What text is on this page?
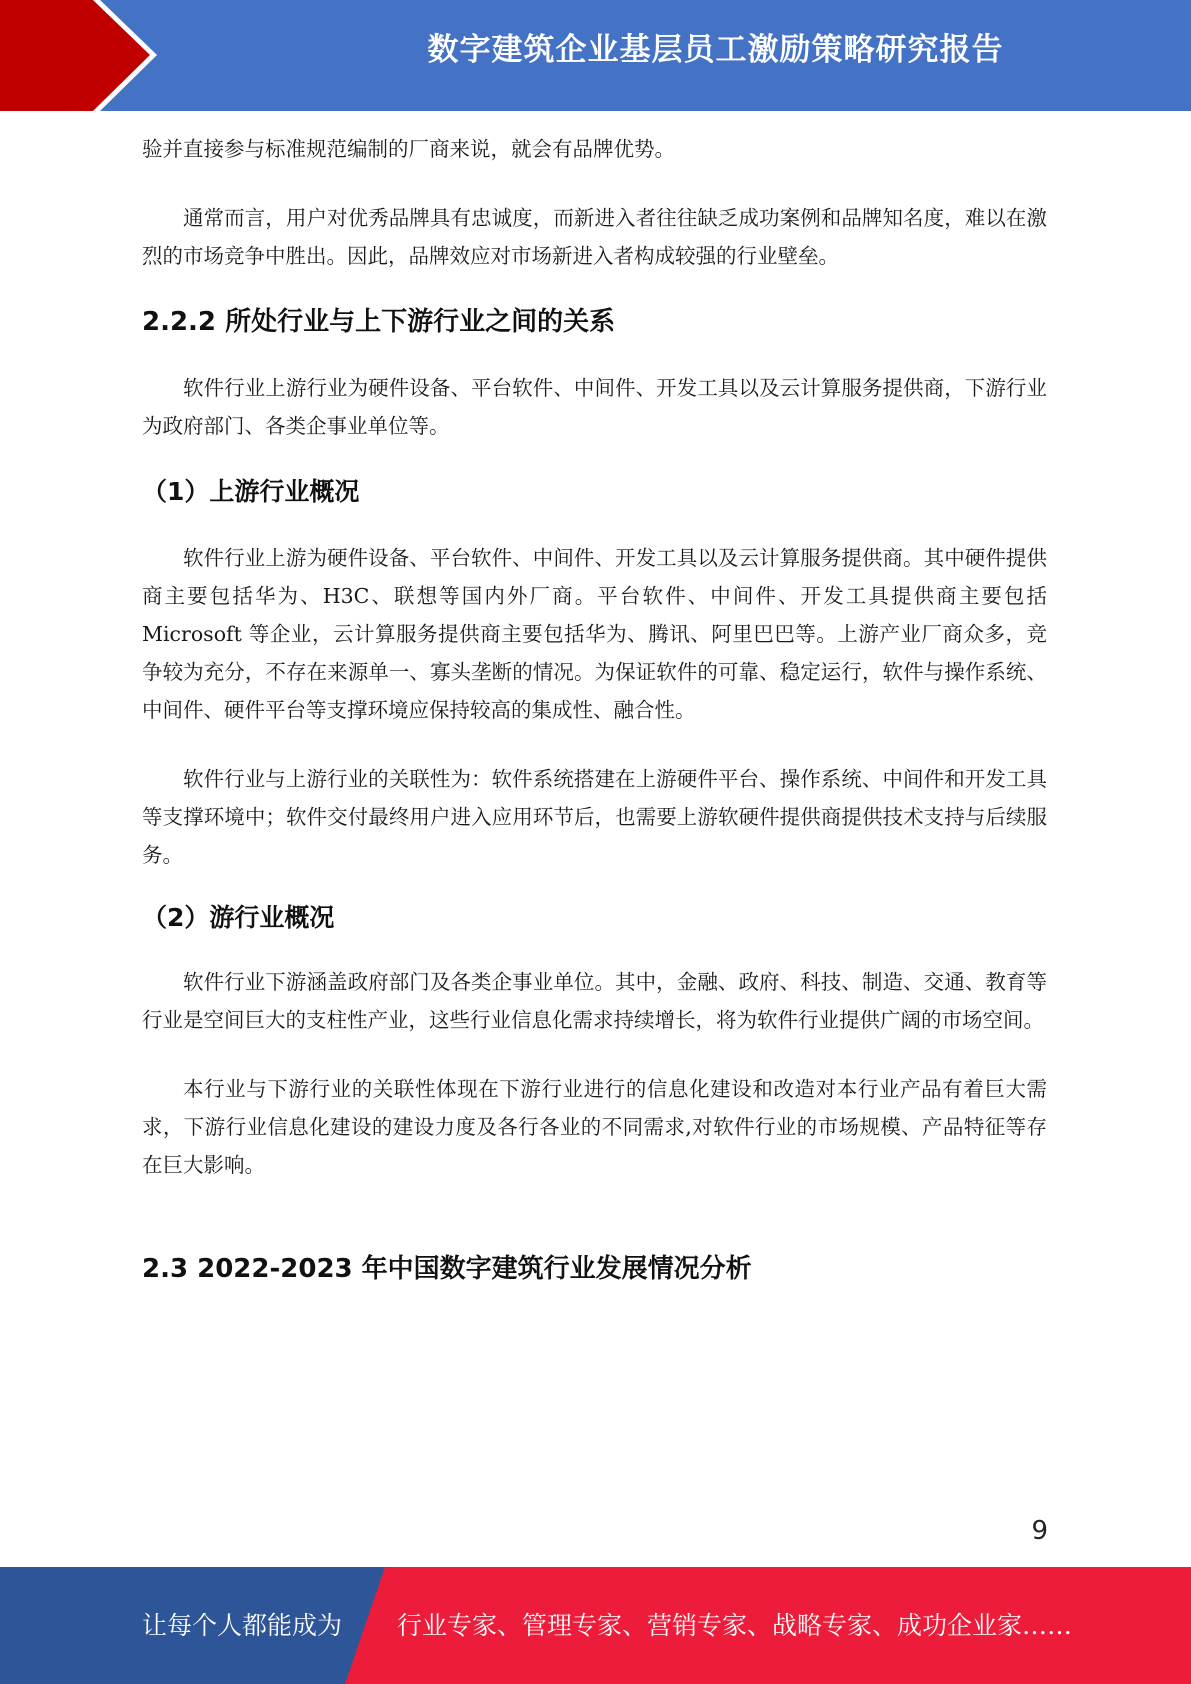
数字建筑企业基层员工激励策略研究报告

验并直接参与标准规范编制的厂商来说，就会有品牌优势。

通常而言，用户对优秀品牌具有忠诚度，而新进入者往往缺乏成功案例和品牌知名度，难以在激烈的市场竞争中胜出。因此，品牌效应对市场新进入者构成较强的行业壁垒。

2.2.2 所处行业与上下游行业之间的关系

软件行业上游行业为硬件设备、平台软件、中间件、开发工具以及云计算服务提供商，下游行业为政府部门、各类企事业单位等。

（1）上游行业概况

软件行业上游为硬件设备、平台软件、中间件、开发工具以及云计算服务提供商。其中硬件提供商主要包括华为、H3C、联想等国内外厂商。平台软件、中间件、开发工具提供商主要包括 Microsoft 等企业，云计算服务提供商主要包括华为、腾讯、阿里巴巴等。上游产业厂商众多，竞争较为充分，不存在来源单一、寡头垄断的情况。为保证软件的可靠、稳定运行，软件与操作系统、中间件、硬件平台等支撑环境应保持较高的集成性、融合性。

软件行业与上游行业的关联性为：软件系统搭建在上游硬件平台、操作系统、中间件和开发工具等支撑环境中；软件交付最终用户进入应用环节后，也需要上游软硬件提供商提供技术支持与后续服务。

（2）游行业概况

软件行业下游涵盖政府部门及各类企事业单位。其中，金融、政府、科技、制造、交通、教育等行业是空间巨大的支柱性产业，这些行业信息化需求持续增长，将为软件行业提供广阔的市场空间。

本行业与下游行业的关联性体现在下游行业进行的信息化建设和改造对本行业产品有着巨大需求，下游行业信息化建设的建设力度及各行各业的不同需求,对软件行业的市场规模、产品特征等存在巨大影响。

2.3 2022-2023 年中国数字建筑行业发展情况分析
9
让每个人都能成为 行业专家、管理专家、营销专家、战略专家、成功企业家……
